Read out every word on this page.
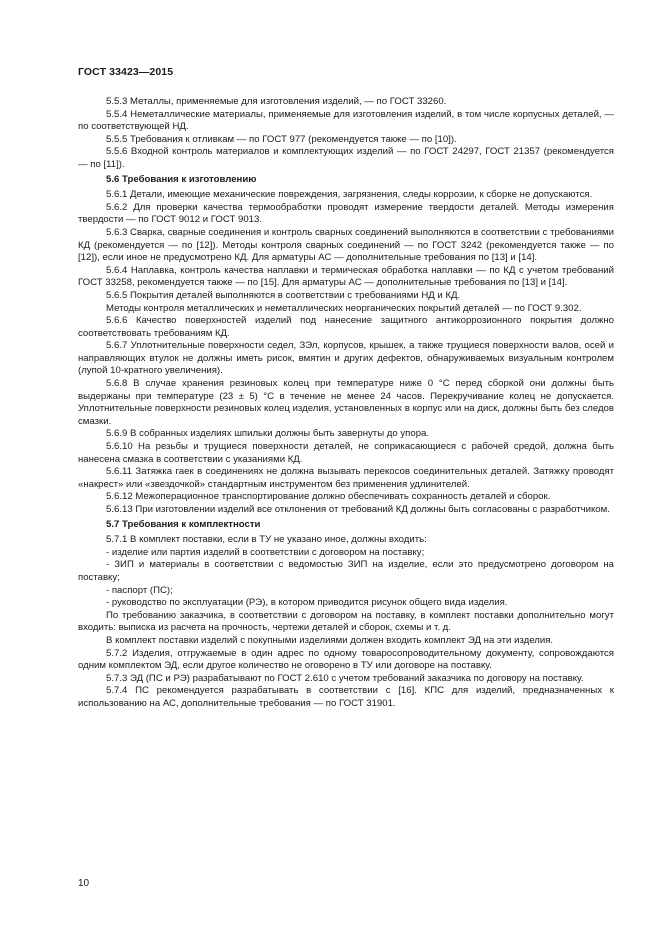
ГОСТ 33423—2015

5.5.3 Металлы, применяемые для изготовления изделий, — по ГОСТ 33260.

5.5.4 Неметаллические материалы, применяемые для изготовления изделий, в том числе корпусных деталей, — по соответствующей НД.

5.5.5 Требования к отливкам — по ГОСТ 977 (рекомендуется также — по [10]).

5.5.6 Входной контроль материалов и комплектующих изделий — по ГОСТ 24297, ГОСТ 21357 (рекомендуется — по [11]).

5.6 Требования к изготовлению

5.6.1 Детали, имеющие механические повреждения, загрязнения, следы коррозии, к сборке не допускаются.

5.6.2 Для проверки качества термообработки проводят измерение твердости деталей. Методы измерения твердости — по ГОСТ 9012 и ГОСТ 9013.

5.6.3 Сварка, сварные соединения и контроль сварных соединений выполняются в соответствии с требованиями КД (рекомендуется — по [12]). Методы контроля сварных соединений — по ГОСТ 3242 (рекомендуется также — по [12]), если иное не предусмотрено КД. Для арматуры АС — дополнительные требования по [13] и [14].

5.6.4 Наплавка, контроль качества наплавки и термическая обработка наплавки — по КД с учетом требований ГОСТ 33258, рекомендуется также — по [15]. Для арматуры АС — дополнительные требования по [13] и [14].

5.6.5 Покрытия деталей выполняются в соответствии с требованиями НД и КД.

Методы контроля металлических и неметаллических неорганических покрытий деталей — по ГОСТ 9.302.

5.6.6 Качество поверхностей изделий под нанесение защитного антикоррозионного покрытия должно соответствовать требованиям КД.

5.6.7 Уплотнительные поверхности седел, ЗЭл, корпусов, крышек, а также трущиеся поверхности валов, осей и направляющих втулок не должны иметь рисок, вмятин и других дефектов, обнаруживаемых визуальным контролем (лупой 10-кратного увеличения).

5.6.8 В случае хранения резиновых колец при температуре ниже 0 °C перед сборкой они должны быть выдержаны при температуре (23 ± 5) °C в течение не менее 24 часов. Перекручивание колец не допускается. Уплотнительные поверхности резиновых колец изделия, установленных в корпус или на диск, должны быть без следов смазки.

5.6.9 В собранных изделиях шпильки должны быть завернуты до упора.

5.6.10 На резьбы и трущиеся поверхности деталей, не соприкасающиеся с рабочей средой, должна быть нанесена смазка в соответствии с указаниями КД.

5.6.11 Затяжка гаек в соединениях не должна вызывать перекосов соединительных деталей. Затяжку проводят «накрест» или «звездочкой» стандартным инструментом без применения удлинителей.

5.6.12 Межоперационное транспортирование должно обеспечивать сохранность деталей и сборок.

5.6.13 При изготовлении изделий все отклонения от требований КД должны быть согласованы с разработчиком.

5.7 Требования к комплектности

5.7.1 В комплект поставки, если в ТУ не указано иное, должны входить:

- изделие или партия изделий в соответствии с договором на поставку;

- ЗИП и материалы в соответствии с ведомостью ЗИП на изделие, если это предусмотрено договором на поставку;

- паспорт (ПС);

- руководство по эксплуатации (РЭ), в котором приводится рисунок общего вида изделия.

По требованию заказчика, в соответствии с договором на поставку, в комплект поставки дополнительно могут входить: выписка из расчета на прочность, чертежи деталей и сборок, схемы и т. д.

В комплект поставки изделий с покупными изделиями должен входить комплект ЭД на эти изделия.

5.7.2 Изделия, отгружаемые в один адрес по одному товаросопроводительному документу, сопровождаются одним комплектом ЭД, если другое количество не оговорено в ТУ или договоре на поставку.

5.7.3 ЭД (ПС и РЭ) разрабатывают по ГОСТ 2.610 с учетом требований заказчика по договору на поставку.

5.7.4 ПС рекомендуется разрабатывать в соответствии с [16]. КПС для изделий, предназначенных к использованию на АС, дополнительные требования — по ГОСТ 31901.

10
